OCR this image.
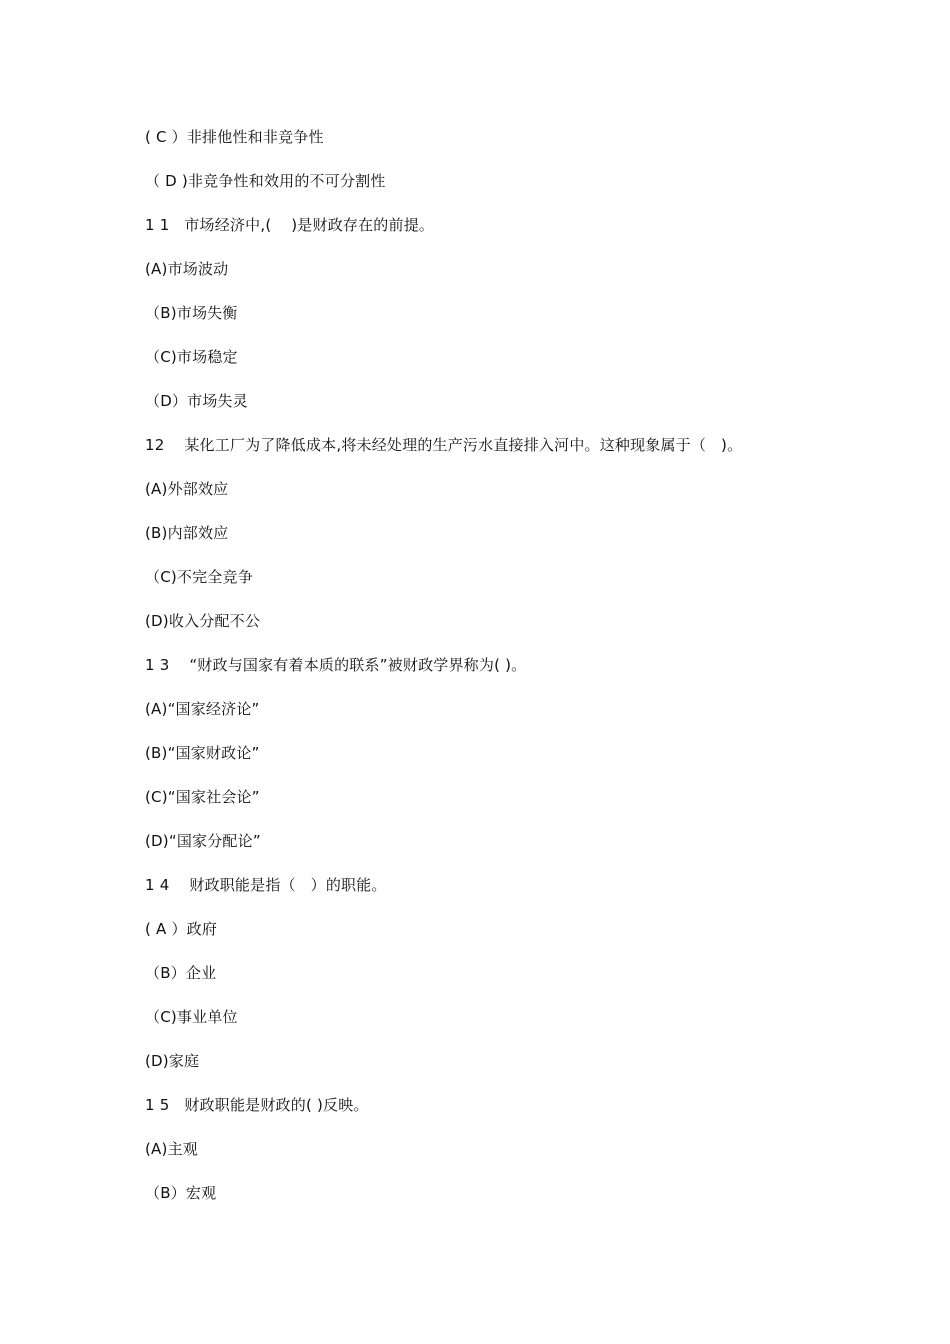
( C ）非排他性和非竞争性
（ D )非竞争性和效用的不可分割性
1 1   市场经济中,(    )是财政存在的前提。
(A)市场波动
（B)市场失衡
（C)市场稳定
（D）市场失灵
12    某化工厂为了降低成本,将未经处理的生产污水直接排入河中。这种现象属于（   )。
(A)外部效应
(B)内部效应
（C)不完全竞争
(D)收入分配不公
1 3    “财政与国家有着本质的联系”被财政学界称为( )。
(A)“国家经济论”
(B)“国家财政论”
(C)“国家社会论”
(D)“国家分配论”
1 4    财政职能是指（   ）的职能。
( A ）政府
（B）企业
（C)事业单位
(D)家庭
1 5   财政职能是财政的( )反映。
(A)主观
（B）宏观
